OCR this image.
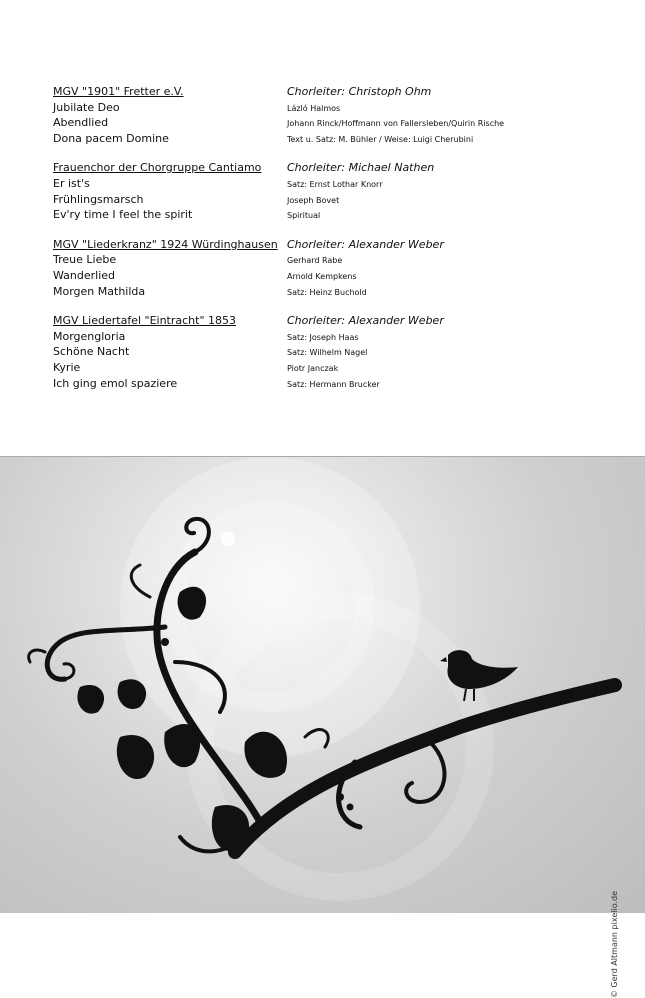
MGV "1901" Fretter e.V.	Chorleiter: Christoph Ohm
Jubilate Deo	Lázló Halmos
Abendlied	Johann Rinck/Hoffmann von Fallersleben/Quirin Rische
Dona pacem Domine	Text u. Satz: M. Bühler / Weise: Luigi Cherubini
Frauenchor der Chorgruppe Cantiamo	Chorleiter: Michael Nathen
Er ist's	Satz: Ernst Lothar Knorr
Frühlingsmarsch	Joseph Bovet
Ev'ry time I feel the spirit	Spiritual
MGV "Liederkranz" 1924 Würdinghausen Chorleiter: Alexander Weber
Treue Liebe	Gerhard Rabe
Wanderlied	Arnold Kempkens
Morgen Mathilda	Satz: Heinz Buchold
MGV Liedertafel "Eintracht" 1853	Chorleiter: Alexander Weber
Morgengloria	Satz: Joseph Haas
Schöne Nacht	Satz: Wilhelm Nagel
Kyrie	Piotr Janczak
Ich ging emol spaziere	Satz: Hermann Brucker
© Gerd Altmann pixelio.de
